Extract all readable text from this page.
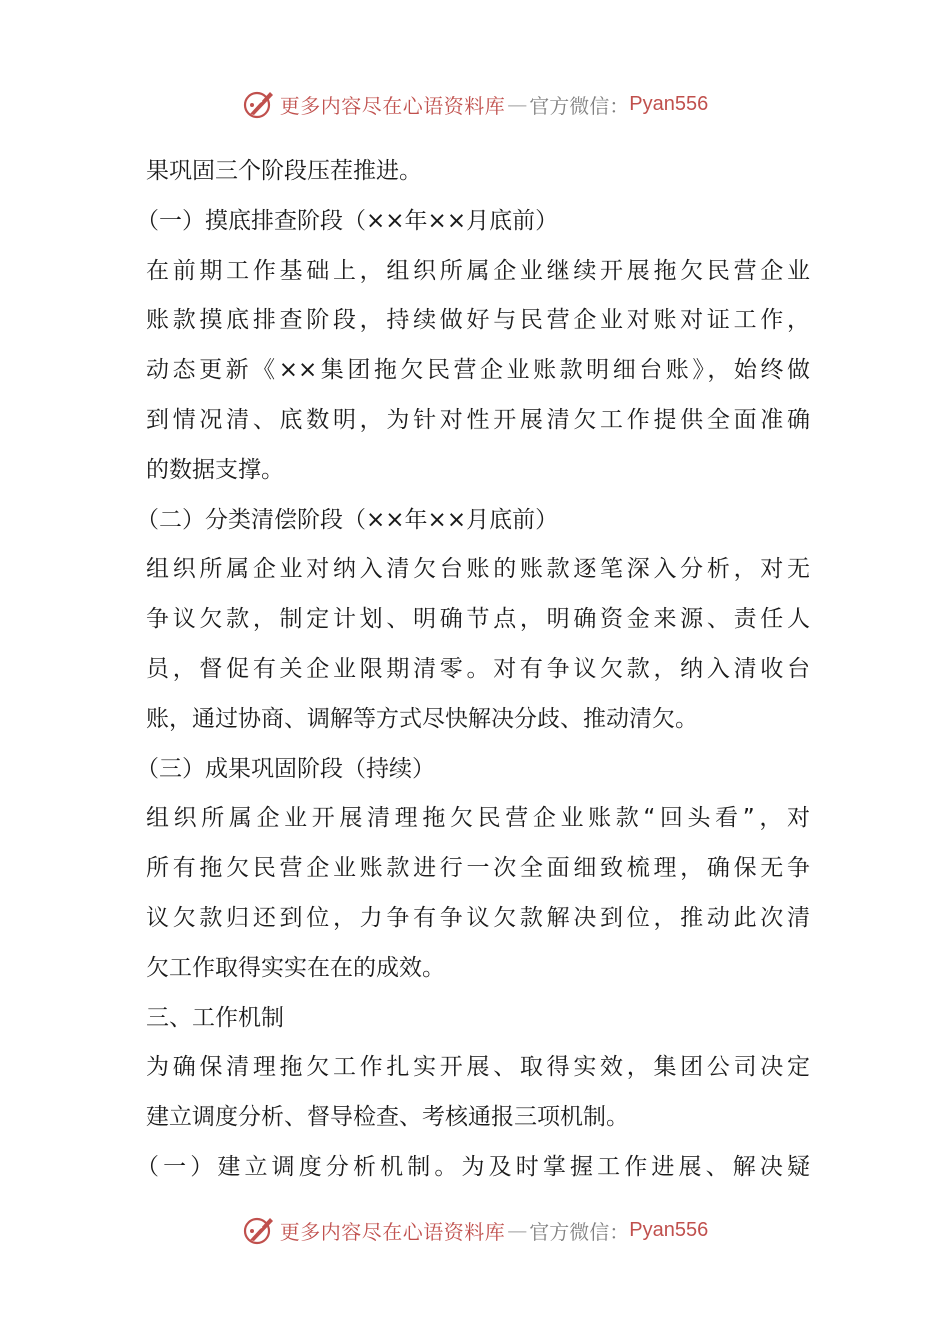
更多内容尽在心语资料库 — 官方微信： Pyan556
果巩固三个阶段压茬推进。
（一）摸底排查阶段（××年××月底前）
在前期工作基础上，组织所属企业继续开展拖欠民营企业
账款摸底排查阶段，持续做好与民营企业对账对证工作，
动态更新《××集团拖欠民营企业账款明细台账》，始终做
到情况清、底数明，为针对性开展清欠工作提供全面准确
的数据支撑。
（二）分类清偿阶段（××年××月底前）
组织所属企业对纳入清欠台账的账款逐笔深入分析，对无
争议欠款，制定计划、明确节点，明确资金来源、责任人
员，督促有关企业限期清零。对有争议欠款，纳入清收台
账，通过协商、调解等方式尽快解决分歧、推动清欠。
（三）成果巩固阶段（持续）
组织所属企业开展清理拖欠民营企业账款“回头看”，对
所有拖欠民营企业账款进行一次全面细致梳理，确保无争
议欠款归还到位，力争有争议欠款解决到位，推动此次清
欠工作取得实实在在的成效。
三、工作机制
为确保清理拖欠工作扎实开展、取得实效，集团公司决定
建立调度分析、督导检查、考核通报三项机制。
（一）建立调度分析机制。为及时掌握工作进展、解决疑
更多内容尽在心语资料库 — 官方微信： Pyan556
